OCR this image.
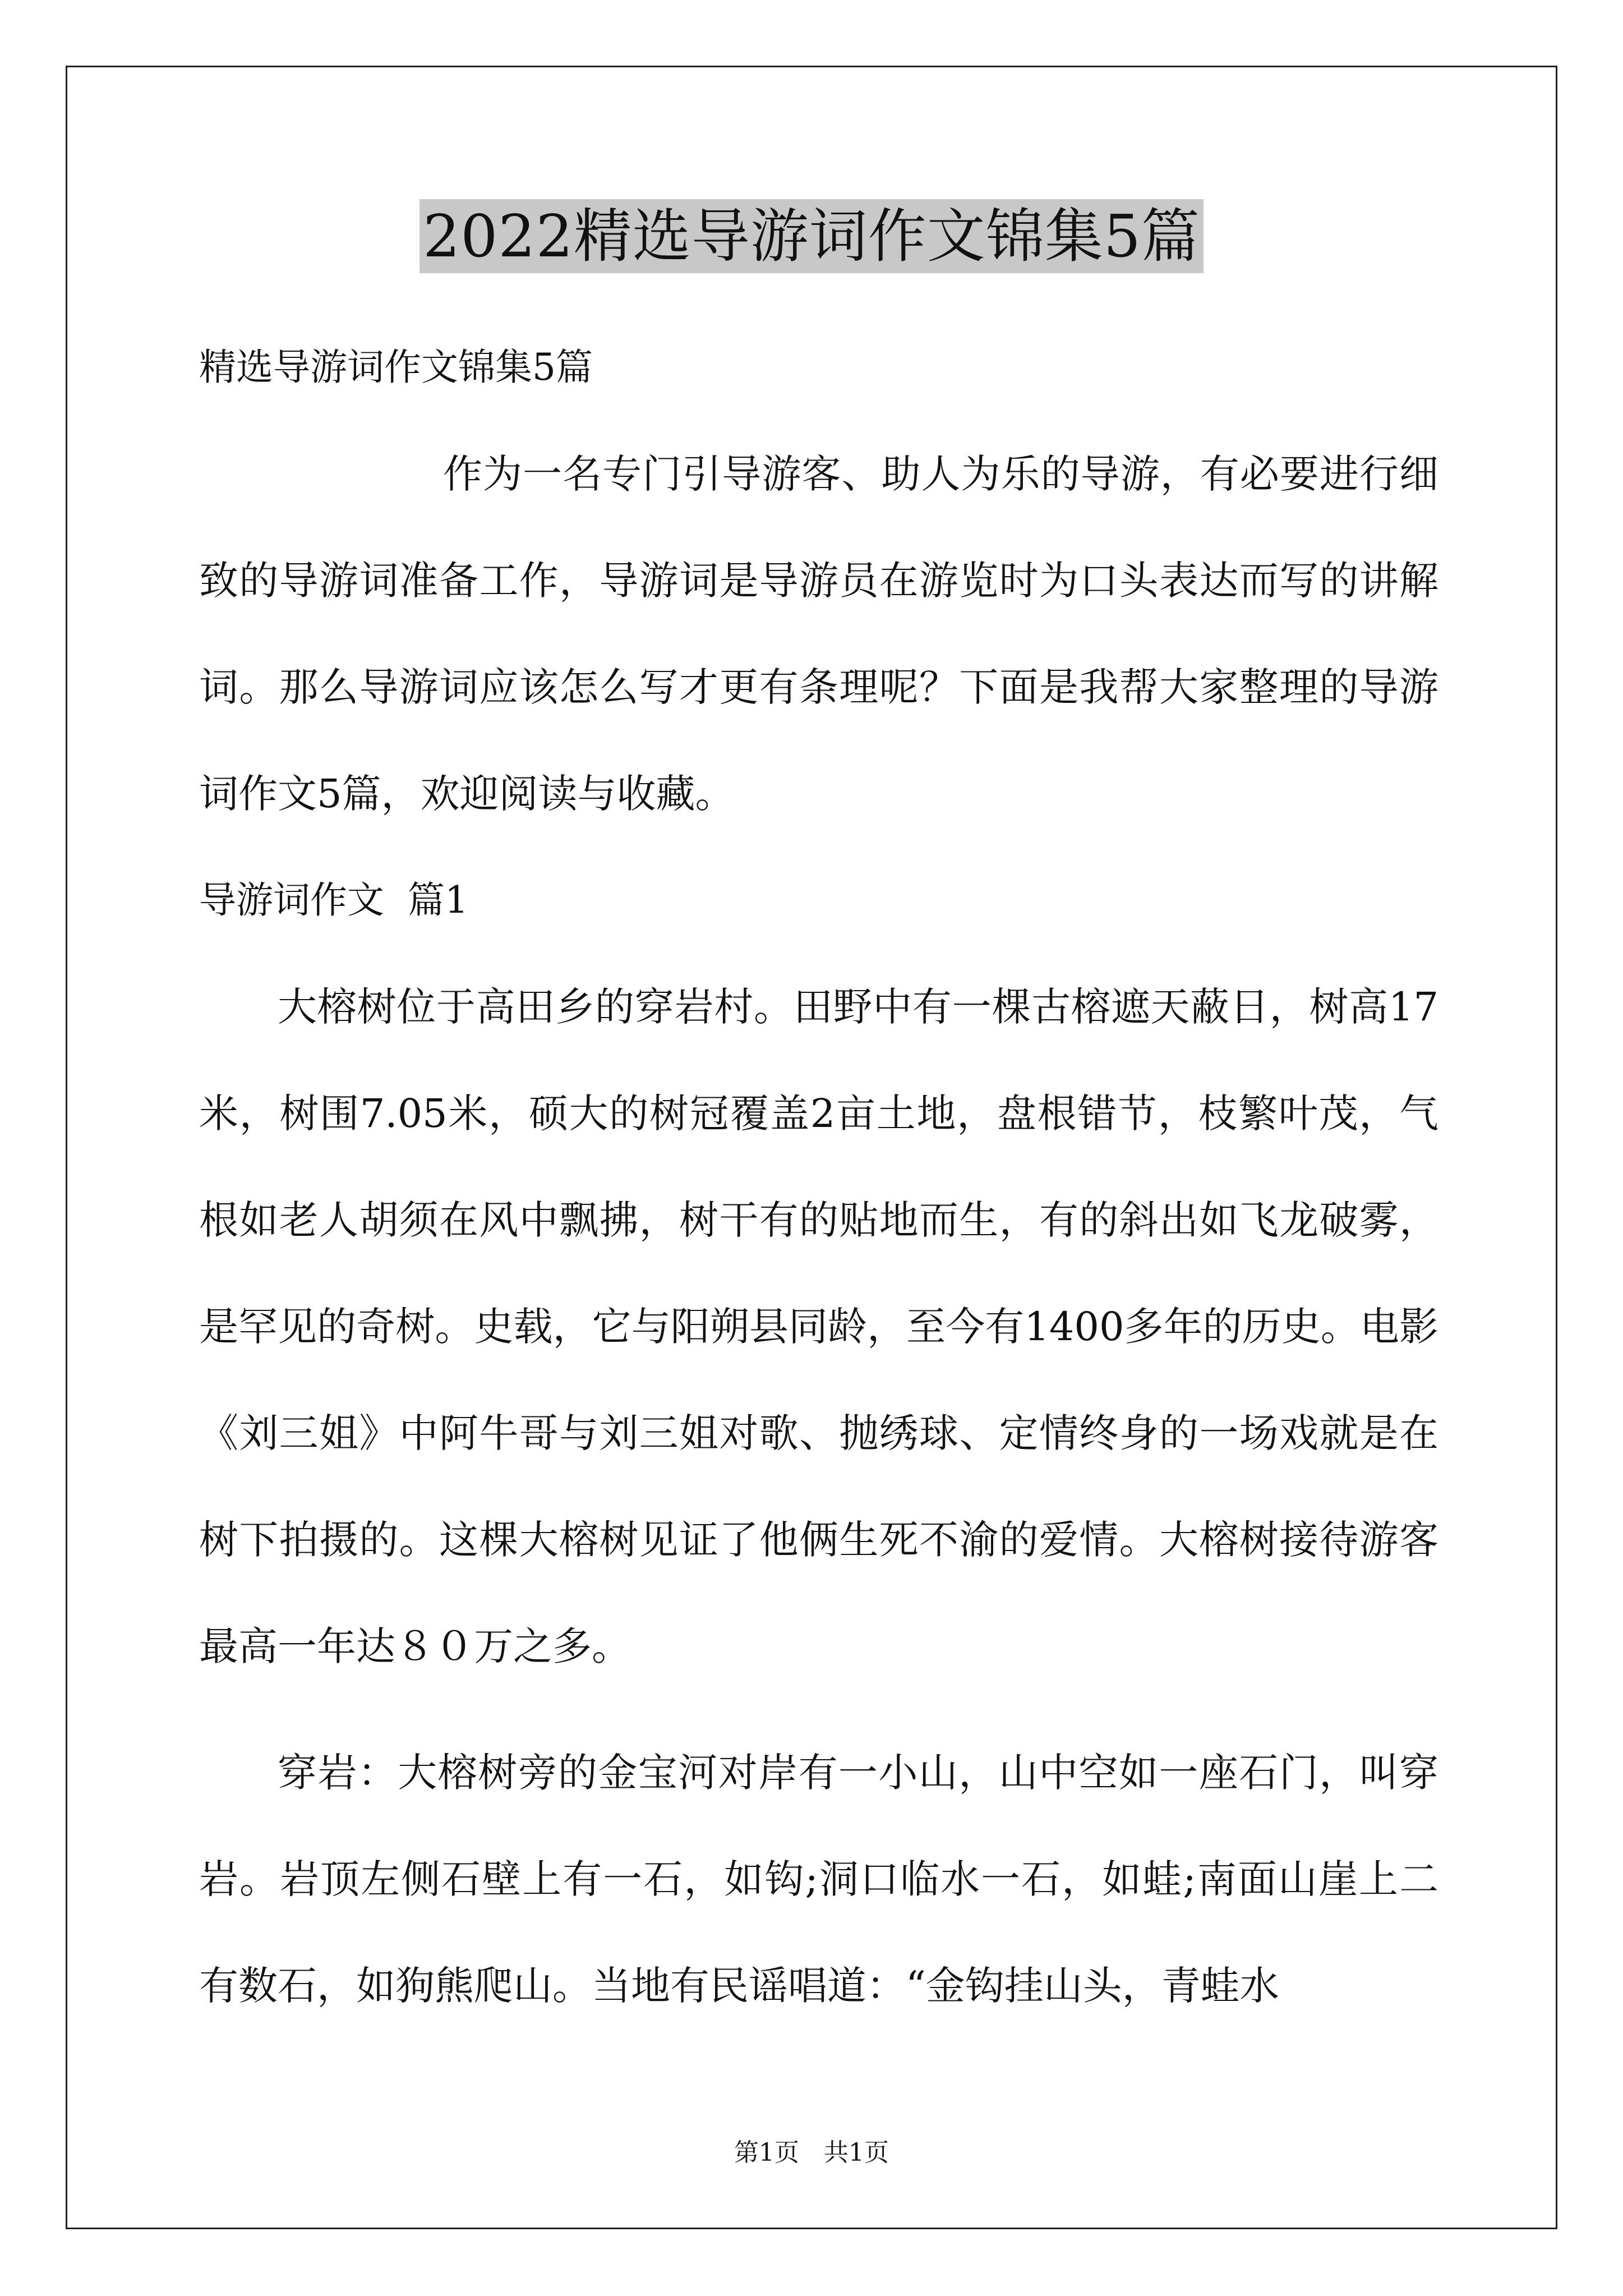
2022精选导游词作文锦集5篇

精选导游词作文锦集5篇

作为一名专门引导游客、助人为乐的导游，有必要进行细致的导游词准备工作，导游词是导游员在游览时为口头表达而写的讲解词。那么导游词应该怎么写才更有条理呢？下面是我帮大家整理的导游词作文5篇，欢迎阅读与收藏。

导游词作文  篇1

大榕树位于高田乡的穿岩村。田野中有一棵古榕遮天蔽日，树高17米，树围7.05米，硕大的树冠覆盖2亩土地，盘根错节，枝繁叶茂，气根如老人胡须在风中飘拂，树干有的贴地而生，有的斜出如飞龙破雾，是罕见的奇树。史载，它与阳朔县同龄，至今有1400多年的历史。电影《刘三姐》中阿牛哥与刘三姐对歌、抛绣球、定情终身的一场戏就是在树下拍摄的。这棵大榕树见证了他俩生死不渝的爱情。大榕树接待游客最高一年达８０万之多。

穿岩：大榕树旁的金宝河对岸有一小山，山中空如一座石门，叫穿岩。岩顶左侧石壁上有一石，如钩;洞口临水一石，如蛙;南面山崖上二有数石，如狗熊爬山。当地有民谣唱道：“金钩挂山头，青蛙水

第1页　共1页
